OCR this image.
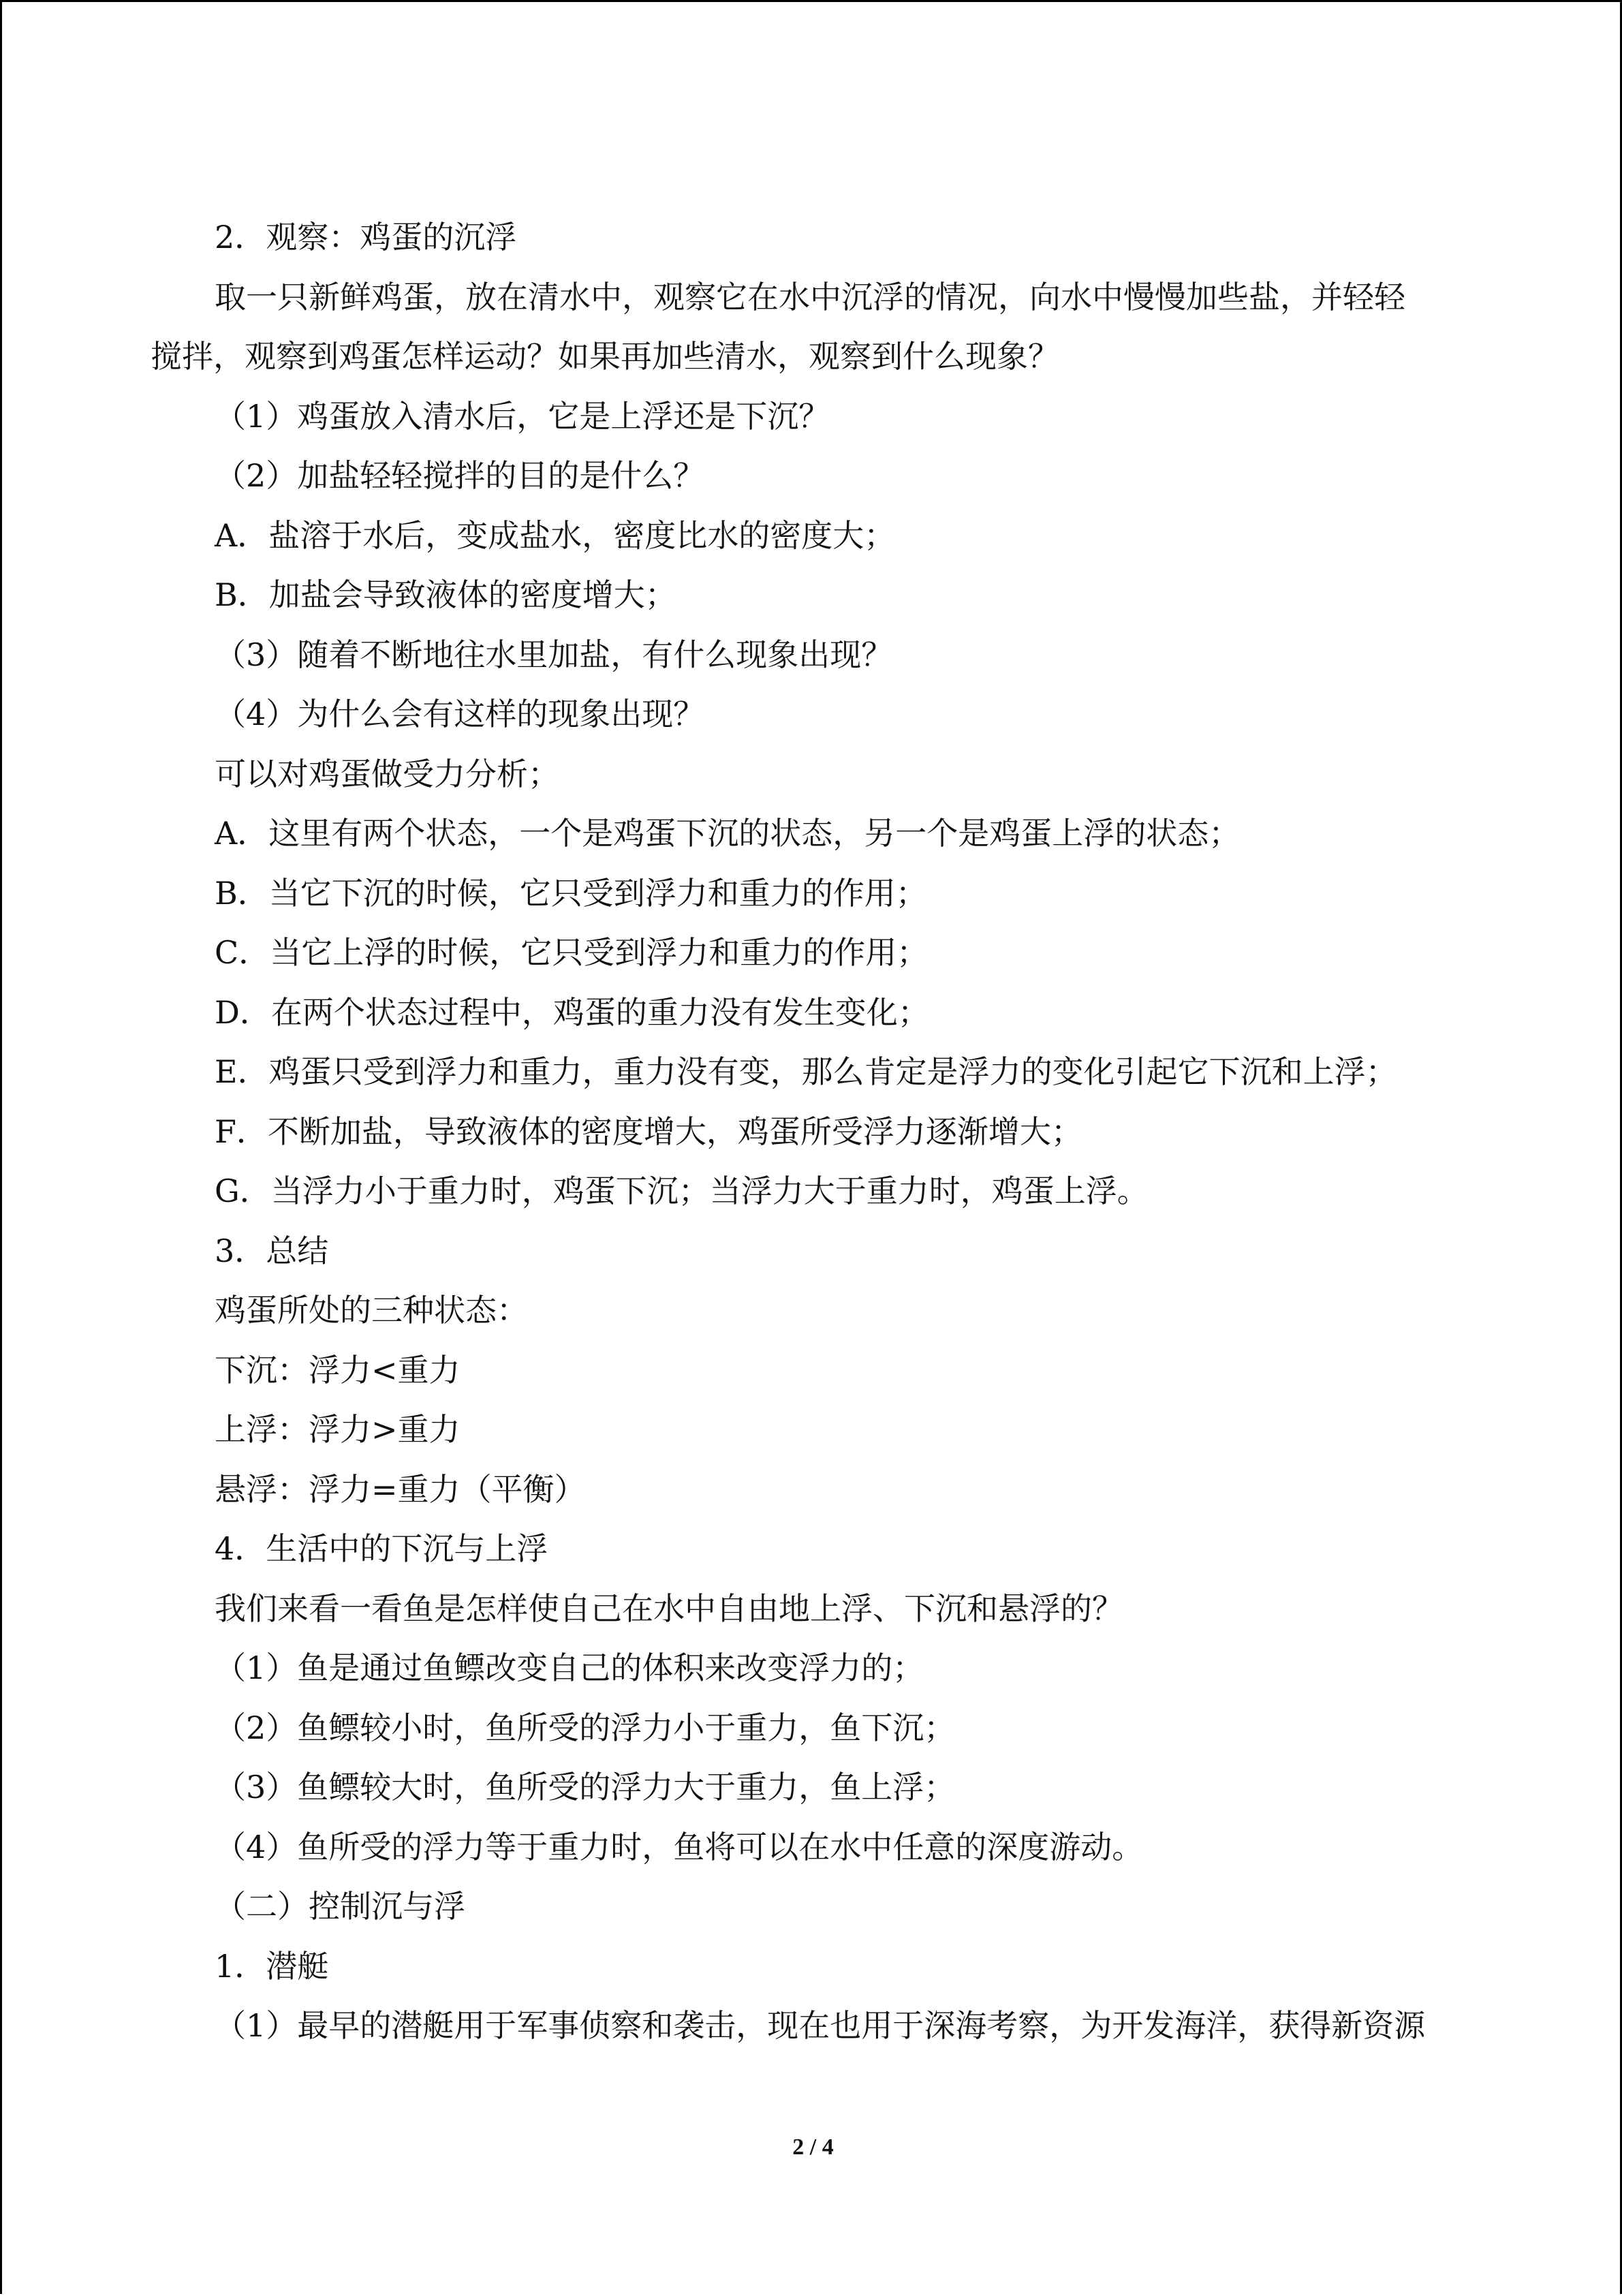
2．观察：鸡蛋的沉浮
取一只新鲜鸡蛋，放在清水中，观察它在水中沉浮的情况，向水中慢慢加些盐，并轻轻
搅拌，观察到鸡蛋怎样运动？如果再加些清水，观察到什么现象？
（1）鸡蛋放入清水后，它是上浮还是下沉？
（2）加盐轻轻搅拌的目的是什么？
A．盐溶于水后，变成盐水，密度比水的密度大；
B．加盐会导致液体的密度增大；
（3）随着不断地往水里加盐，有什么现象出现？
（4）为什么会有这样的现象出现？
可以对鸡蛋做受力分析；
A．这里有两个状态，一个是鸡蛋下沉的状态，另一个是鸡蛋上浮的状态；
B．当它下沉的时候，它只受到浮力和重力的作用；
C．当它上浮的时候，它只受到浮力和重力的作用；
D．在两个状态过程中，鸡蛋的重力没有发生变化；
E．鸡蛋只受到浮力和重力，重力没有变，那么肯定是浮力的变化引起它下沉和上浮；
F．不断加盐，导致液体的密度增大，鸡蛋所受浮力逐渐增大；
G．当浮力小于重力时，鸡蛋下沉；当浮力大于重力时，鸡蛋上浮。
3．总结
鸡蛋所处的三种状态：
下沉：浮力<重力
上浮：浮力>重力
悬浮：浮力=重力（平衡）
4．生活中的下沉与上浮
我们来看一看鱼是怎样使自己在水中自由地上浮、下沉和悬浮的？
（1）鱼是通过鱼鳔改变自己的体积来改变浮力的；
（2）鱼鳔较小时，鱼所受的浮力小于重力，鱼下沉；
（3）鱼鳔较大时，鱼所受的浮力大于重力，鱼上浮；
（4）鱼所受的浮力等于重力时，鱼将可以在水中任意的深度游动。
（二）控制沉与浮
1．潜艇
（1）最早的潜艇用于军事侦察和袭击，现在也用于深海考察，为开发海洋，获得新资源
2 / 4
